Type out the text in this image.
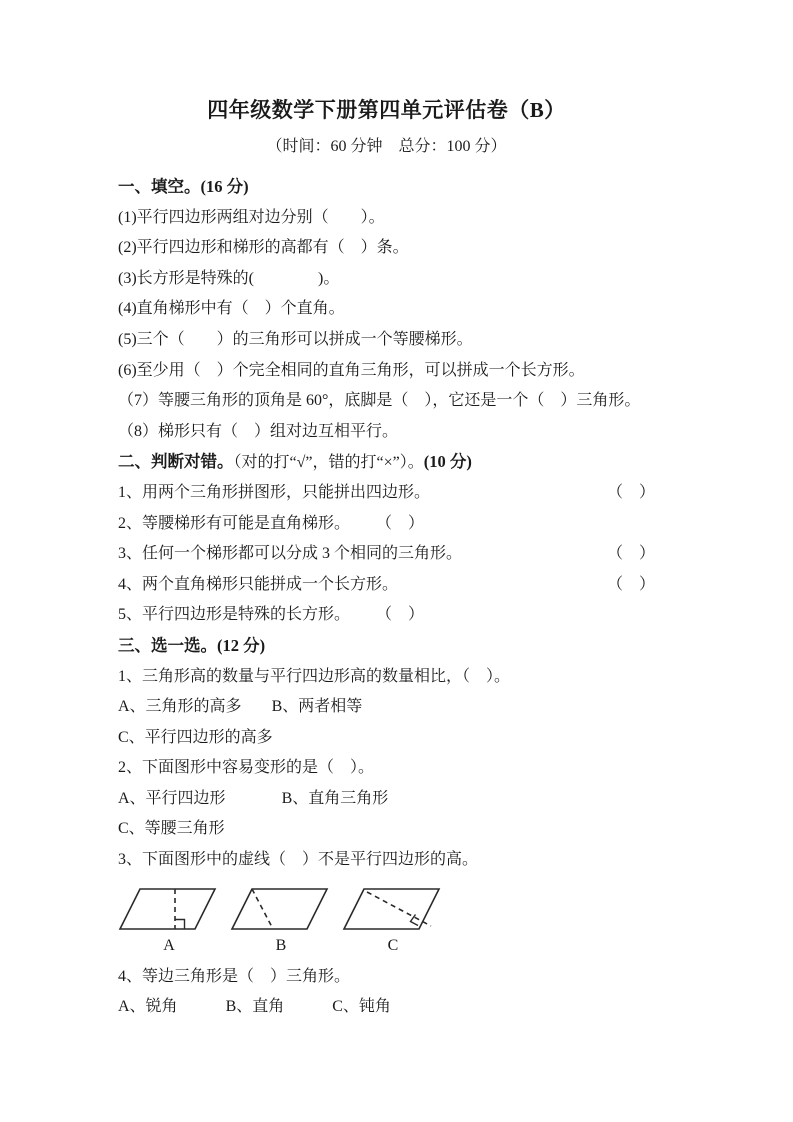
四年级数学下册第四单元评估卷（B）
（时间：60 分钟　总分：100 分）
一、填空。(16 分)
(1)平行四边形两组对边分别（　　）。
(2)平行四边形和梯形的高都有（　）条。
(3)长方形是特殊的(　　　　)。
(4)直角梯形中有（　）个直角。
(5)三个（　　）的三角形可以拼成一个等腰梯形。
(6)至少用（　）个完全相同的直角三角形，可以拼成一个长方形。
（7）等腰三角形的顶角是 60°，底脚是（　），它还是一个（　）三角形。
（8）梯形只有（　）组对边互相平行。
二、判断对错。（对的打“√”，错的打“×”）。(10 分)
1、用两个三角形拼图形，只能拼出四边形。	（　）
2、等腰梯形有可能是直角梯形。 （　）
3、任何一个梯形都可以分成 3 个相同的三角形。	（　）
4、两个直角梯形只能拼成一个长方形。	（　）
5、平行四边形是特殊的长方形。 （　）
三、选一选。(12 分)
1、三角形高的数量与平行四边形高的数量相比，（　）。
A、三角形的高多 B、两者相等
C、平行四边形的高多
2、下面图形中容易变形的是（　）。
A、平行四边形	B、直角三角形
C、等腰三角形
3、下面图形中的虚线（　）不是平行四边形的高。
A	B	C
4、等边三角形是（　）三角形。
A、锐角	B、直角	C、钝角
